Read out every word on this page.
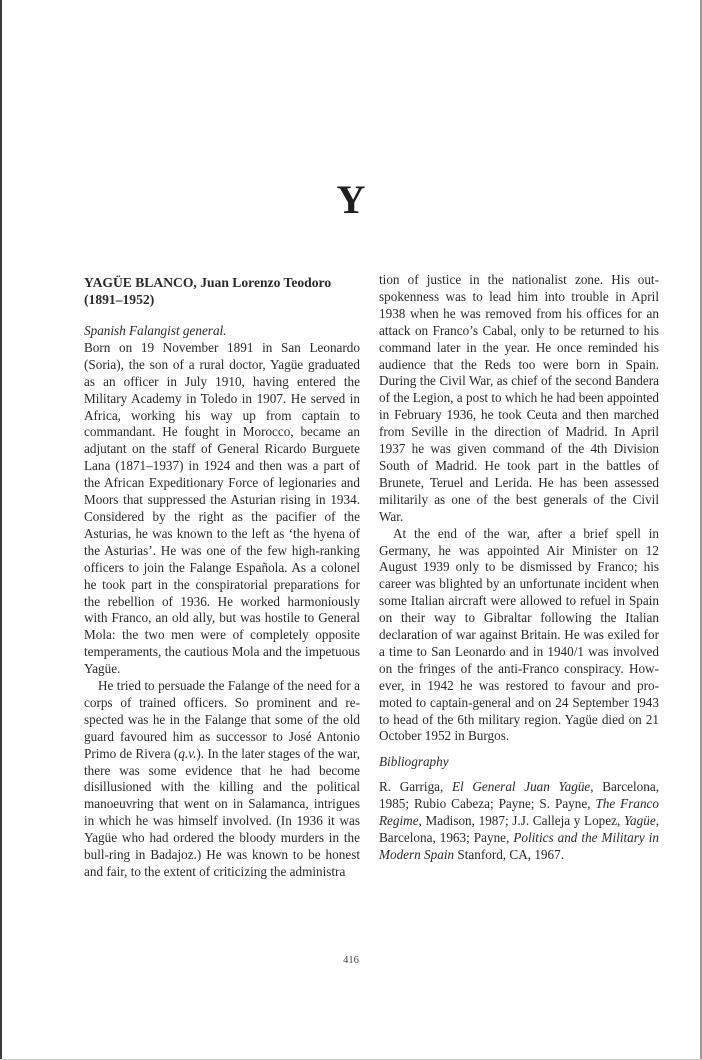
Y
YAGÜE BLANCO, Juan Lorenzo Teodoro
(1891–1952)
Spanish Falangist general.

Born on 19 November 1891 in San Leonardo (Soria), the son of a rural doctor, Yagüe graduated as an officer in July 1910, having entered the Military Academy in Toledo in 1907. He served in Africa, working his way up from captain to commandant. He fought in Morocco, became an adjutant on the staff of General Ricardo Burguete Lana (1871–1937) in 1924 and then was a part of the African Expeditionary Force of legionaries and Moors that suppressed the Asturian rising in 1934. Considered by the right as the pacifier of the Asturias, he was known to the left as ‘the hyena of the Asturias’. He was one of the few high-ranking officers to join the Falange Española. As a colonel he took part in the conspiratorial preparations for the rebellion of 1936. He worked harmoniously with Franco, an old ally, but was hostile to General Mola: the two men were of completely opposite temperaments, the cautious Mola and the impetuous Yagüe.

He tried to persuade the Falange of the need for a corps of trained officers. So prominent and respected was he in the Falange that some of the old guard favoured him as successor to José Antonio Primo de Rivera (q.v.). In the later stages of the war, there was some evidence that he had become disillusioned with the killing and the political manoeuvring that went on in Salamanca, intrigues in which he was himself involved. (In 1936 it was Yagüe who had ordered the bloody murders in the bull-ring in Badajoz.) He was known to be honest and fair, to the extent of criticizing the administra

tion of justice in the nationalist zone. His outspokenness was to lead him into trouble in April 1938 when he was removed from his offices for an attack on Franco’s Cabal, only to be returned to his command later in the year. He once reminded his audience that the Reds too were born in Spain. During the Civil War, as chief of the second Bandera of the Legion, a post to which he had been appointed in February 1936, he took Ceuta and then marched from Seville in the direction of Madrid. In April 1937 he was given command of the 4th Division South of Madrid. He took part in the battles of Brunete, Teruel and Lerida. He has been assessed militarily as one of the best generals of the Civil War.

At the end of the war, after a brief spell in Germany, he was appointed Air Minister on 12 August 1939 only to be dismissed by Franco; his career was blighted by an unfortunate incident when some Italian aircraft were allowed to refuel in Spain on their way to Gibraltar following the Italian declaration of war against Britain. He was exiled for a time to San Leonardo and in 1940/1 was involved on the fringes of the anti-Franco conspiracy. However, in 1942 he was restored to favour and promoted to captain-general and on 24 September 1943 to head of the 6th military region. Yagüe died on 21 October 1952 in Burgos.

Bibliography

R. Garriga, El General Juan Yagüe, Barcelona, 1985; Rubio Cabeza; Payne; S. Payne, The Franco Regime, Madison, 1987; J.J. Calleja y Lopez, Yagüe, Barcelona, 1963; Payne, Politics and the Military in Modern Spain Stanford, CA, 1967.

416
